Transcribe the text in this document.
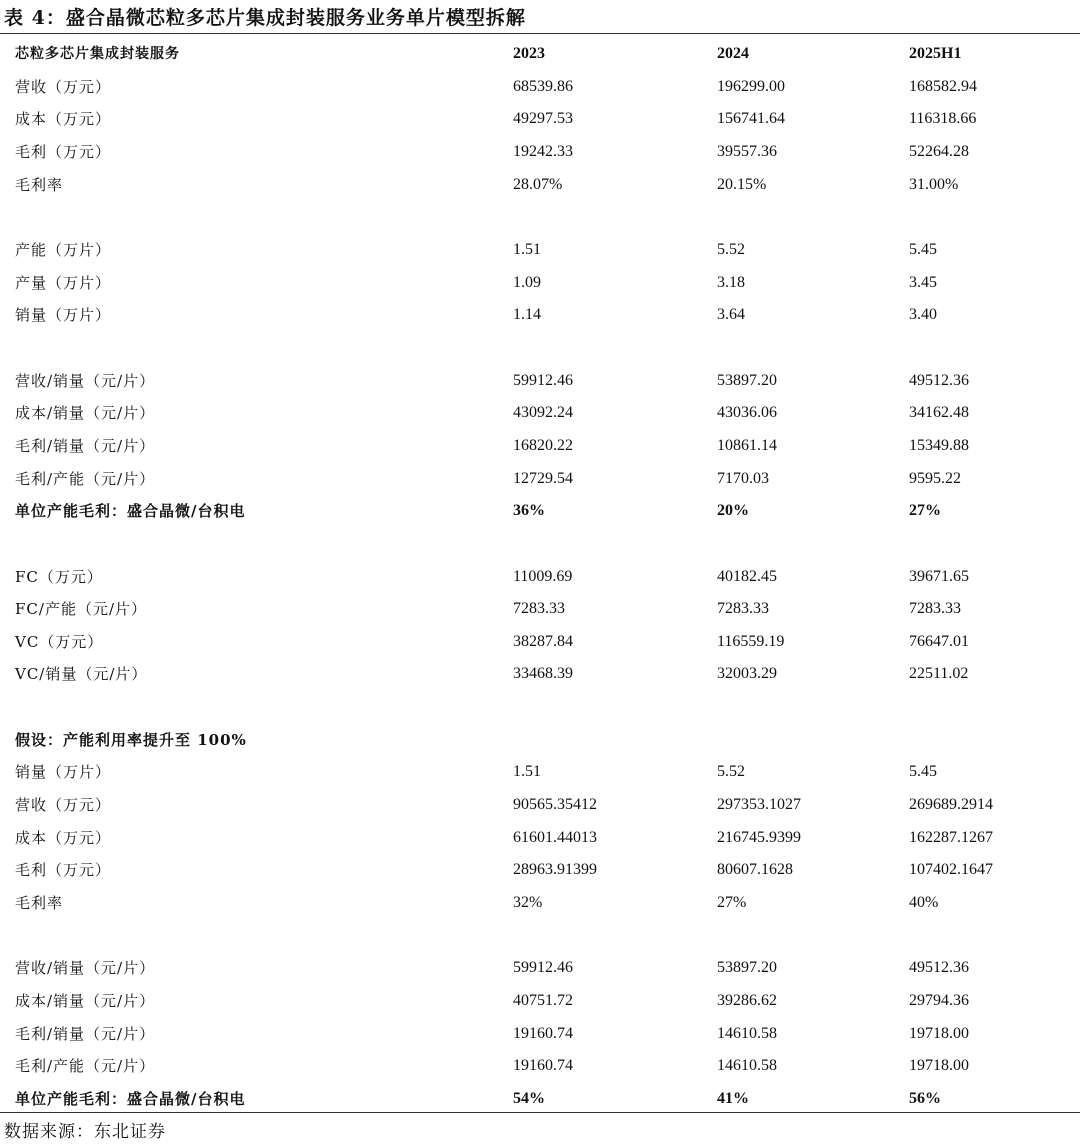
表 4：盛合晶微芯粒多芯片集成封装服务业务单片模型拆解
芯粒多芯片集成封装服务	2023	2024	2025H1
营收（万元）	68539.86	196299.00	168582.94
成本（万元）	49297.53	156741.64	116318.66
毛利（万元）	19242.33	39557.36	52264.28
毛利率	28.07%	20.15%	31.00%
产能（万片）	1.51	5.52	5.45
产量（万片）	1.09	3.18	3.45
销量（万片）	1.14	3.64	3.40
营收/销量（元/片）	59912.46	53897.20	49512.36
成本/销量（元/片）	43092.24	43036.06	34162.48
毛利/销量（元/片）	16820.22	10861.14	15349.88
毛利/产能（元/片）	12729.54	7170.03	9595.22
单位产能毛利：盛合晶微/台积电	36%	20%	27%
FC（万元）	11009.69	40182.45	39671.65
FC/产能（元/片）	7283.33	7283.33	7283.33
VC（万元）	38287.84	116559.19	76647.01
VC/销量（元/片）	33468.39	32003.29	22511.02
假设：产能利用率提升至 100%
销量（万片）	1.51	5.52	5.45
营收（万元）	90565.35412	297353.1027	269689.2914
成本（万元）	61601.44013	216745.9399	162287.1267
毛利（万元）	28963.91399	80607.1628	107402.1647
毛利率	32%	27%	40%
营收/销量（元/片）	59912.46	53897.20	49512.36
成本/销量（元/片）	40751.72	39286.62	29794.36
毛利/销量（元/片）	19160.74	14610.58	19718.00
毛利/产能（元/片）	19160.74	14610.58	19718.00
单位产能毛利：盛合晶微/台积电	54%	41%	56%
数据来源：东北证券
